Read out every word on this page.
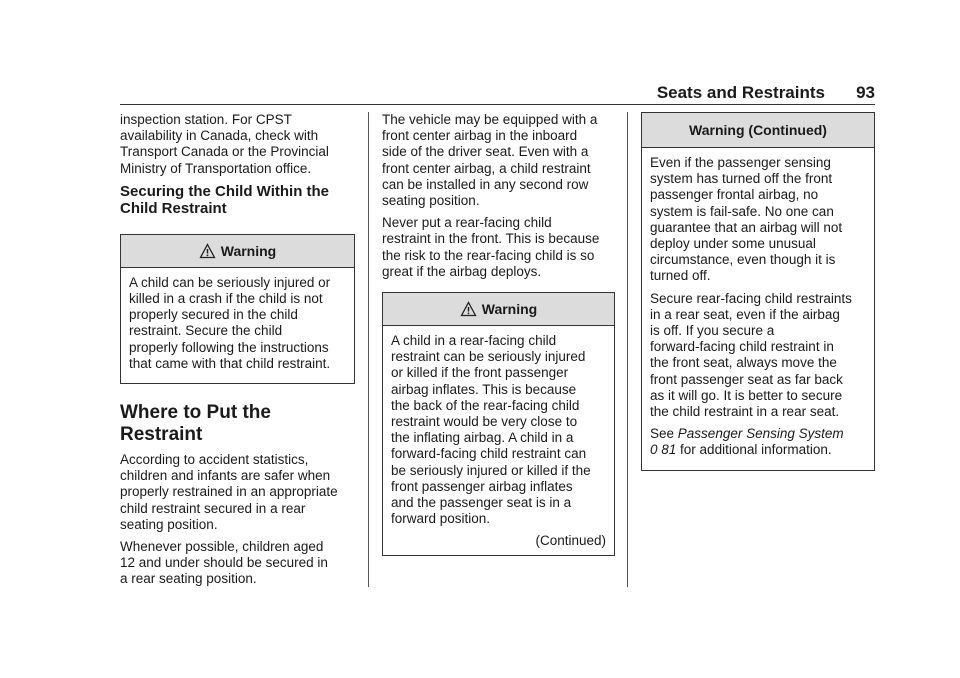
Seats and Restraints 93

inspection station. For CPST
availability in Canada, check with
Transport Canada or the Provincial
Ministry of Transportation office.

Securing the Child Within the
Child Restraint
Warning

A child can be seriously injured or
killed in a crash if the child is not
properly secured in the child
restraint. Secure the child
properly following the instructions
that came with that child restraint.

Where to Put the
Restraint

According to accident statistics,
children and infants are safer when
properly restrained in an appropriate
child restraint secured in a rear
seating position.

Whenever possible, children aged
12 and under should be secured in
a rear seating position.

The vehicle may be equipped with a
front center airbag in the inboard
side of the driver seat. Even with a
front center airbag, a child restraint
can be installed in any second row
seating position.

Never put a rear-facing child
restraint in the front. This is because
the risk to the rear-facing child is so
great if the airbag deploys.

Warning

A child in a rear-facing child
restraint can be seriously injured
or killed if the front passenger
airbag inflates. This is because
the back of the rear-facing child
restraint would be very close to
the inflating airbag. A child in a
forward-facing child restraint can
be seriously injured or killed if the
front passenger airbag inflates
and the passenger seat is in a
forward position.

(Continued)

Warning (Continued)

Even if the passenger sensing
system has turned off the front
passenger frontal airbag, no
system is fail-safe. No one can
guarantee that an airbag will not
deploy under some unusual
circumstance, even though it is
turned off.

Secure rear-facing child restraints
in a rear seat, even if the airbag
is off. If you secure a
forward-facing child restraint in
the front seat, always move the
front passenger seat as far back
as it will go. It is better to secure
the child restraint in a rear seat.

See Passenger Sensing System
0 81 for additional information.
